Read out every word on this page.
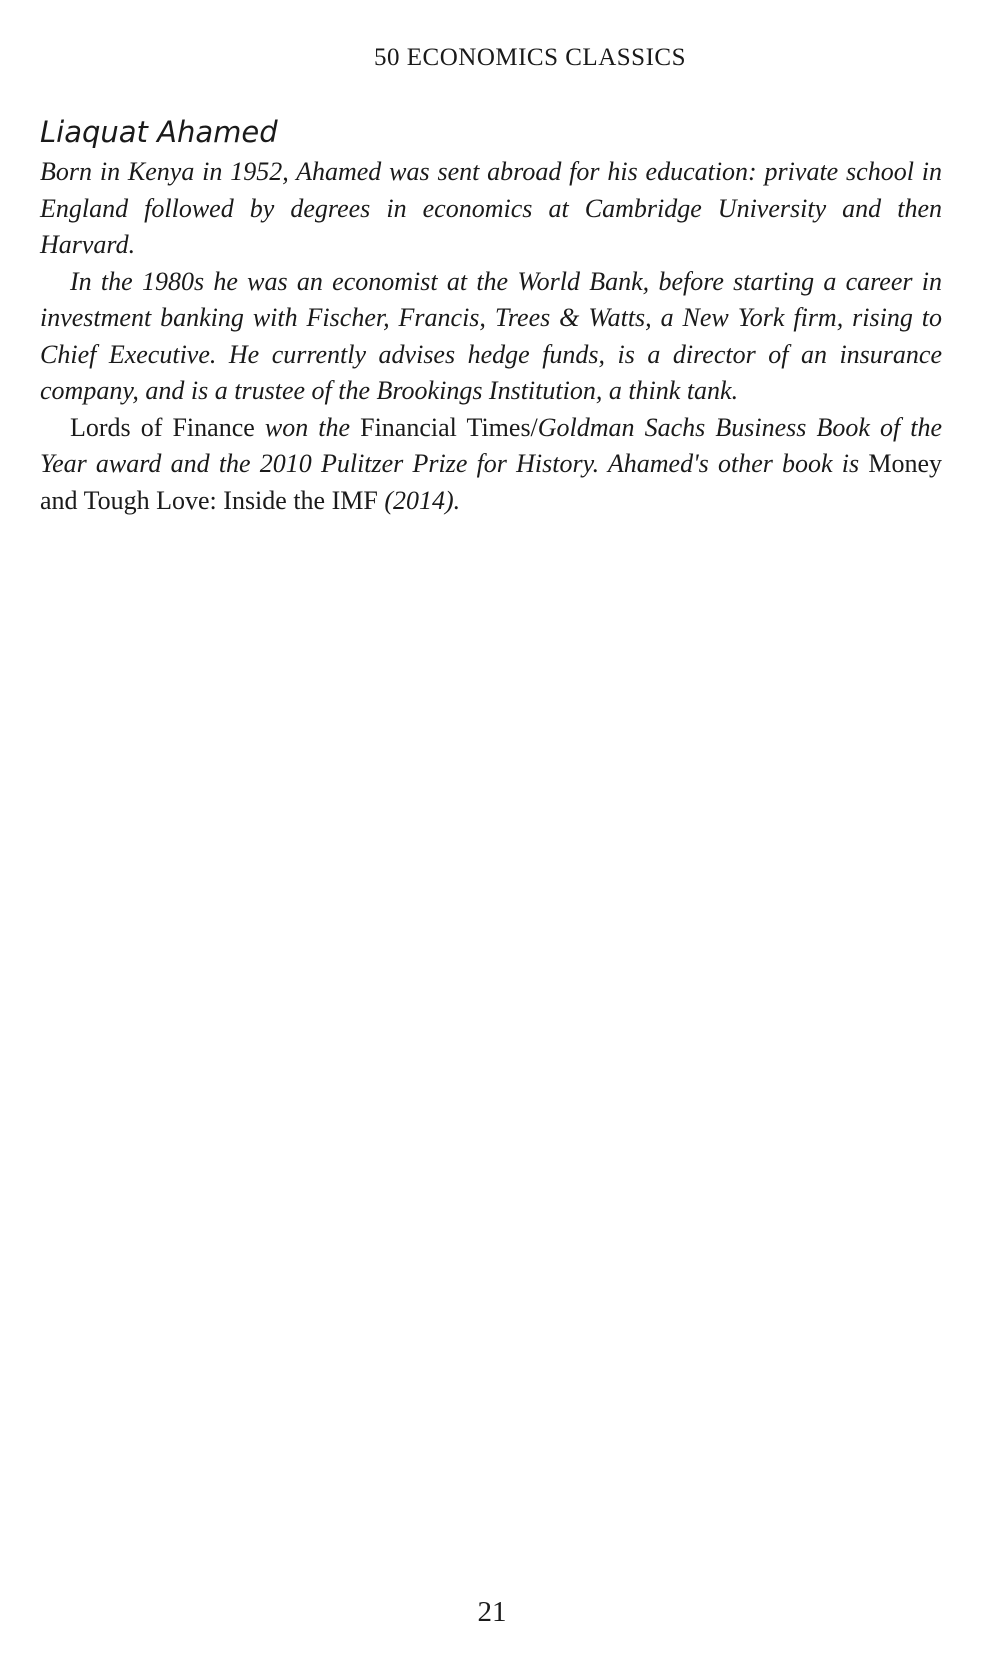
50 ECONOMICS CLASSICS
Liaquat Ahamed

Born in Kenya in 1952, Ahamed was sent abroad for his education: private school in England followed by degrees in economics at Cambridge University and then Harvard.

In the 1980s he was an economist at the World Bank, before starting a career in investment banking with Fischer, Francis, Trees & Watts, a New York firm, rising to Chief Executive. He currently advises hedge funds, is a director of an insurance company, and is a trustee of the Brookings Institution, a think tank.

Lords of Finance won the Financial Times/Goldman Sachs Business Book of the Year award and the 2010 Pulitzer Prize for History. Ahamed's other book is Money and Tough Love: Inside the IMF (2014).

21
